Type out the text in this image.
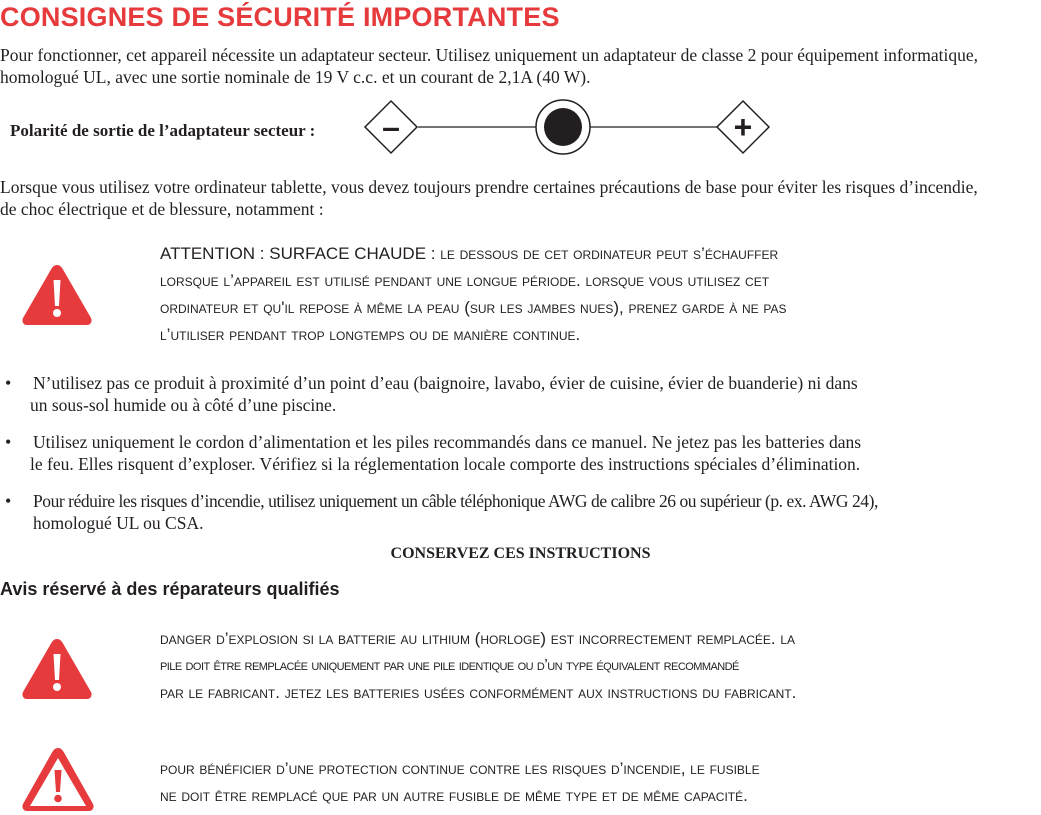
CONSIGNES DE SÉCURITÉ IMPORTANTES
Pour fonctionner, cet appareil nécessite un adaptateur secteur. Utilisez uniquement un adaptateur de classe 2 pour équipement informatique,
homologué UL, avec une sortie nominale de 19 V c.c. et un courant de 2,1A (40 W).
Polarité de sortie de l’adaptateur secteur : –	+
Lorsque vous utilisez votre ordinateur tablette, vous devez toujours prendre certaines précautions de base pour éviter les risques d’incendie,
de choc électrique et de blessure, notamment :
ATTENTION : SURFACE CHAUDE : le dessous de cet ordinateur peut s’échauffer
lorsque l’appareil est utilisé pendant une longue période. lorsque vous utilisez cet
ordinateur et qu'il repose à même la peau (sur les jambes nues), prenez garde à ne pas
l’utiliser pendant trop longtemps ou de manière continue.
• N’utilisez pas ce produit à proximité d’un point d’eau (baignoire, lavabo, évier de cuisine, évier de buanderie) ni dans
un sous-sol humide ou à côté d’une piscine.
• Utilisez uniquement le cordon d’alimentation et les piles recommandés dans ce manuel. Ne jetez pas les batteries dans
le feu. Elles risquent d’exploser. Vérifiez si la réglementation locale comporte des instructions spéciales d’élimination.
• Pour réduire les risques d’incendie, utilisez uniquement un câble téléphonique AWG de calibre 26 ou supérieur (p. ex. AWG 24),
homologué UL ou CSA.
CONSERVEZ CES INSTRUCTIONS
Avis réservé à des réparateurs qualifiés
danger d’explosion si la batterie au lithium (horloge) est incorrectement remplacée. la
pile doit être remplacée uniquement par une pile identique ou d’un type équivalent recommandé
par le fabricant. jetez les batteries usées conformément aux instructions du fabricant.
pour bénéficier d’une protection continue contre les risques d’incendie, le fusible
ne doit être remplacé que par un autre fusible de même type et de même capacité.
